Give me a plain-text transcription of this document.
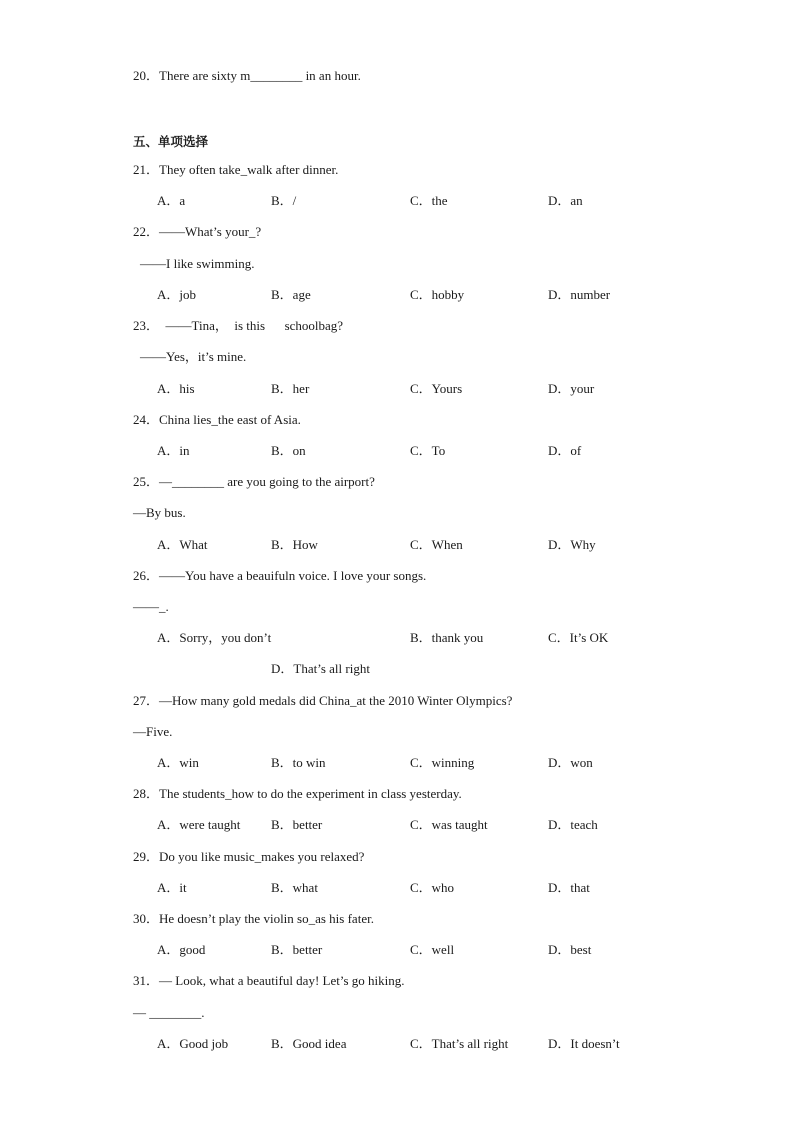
20．There are sixty m________ in an hour.
五、单项选择
21．They often take_walk after dinner.
A．a	B．/	C．the	D．an
22．——What’s your_?
——I like swimming.
A．job	B．age	C．hobby	D．number
23．  ——Tina，  is this      schoolbag?
——Yes，it’s mine.
A．his	B．her	C．Yours	D．your
24．China lies_the east of Asia.
A．in	B．on	C．To	D．of
25．—________ are you going to the airport?
—By bus.
A．What	B．How	C．When	D．Why
26．——You have a beauifuln voice. I love your songs.
——_.
A．Sorry，you don’t	B．thank you	C．It’s OK
D．That’s all right
27．—How many gold medals did China_at the 2010 Winter Olympics?
—Five.
A．win	B．to win	C．winning	D．won
28．The students_how to do the experiment in class yesterday.
A．were taught B．better	C．was taught	D．teach
29．Do you like music_makes you relaxed?
A．it	B．what	C．who	D．that
30．He doesn’t play the violin so_as his fater.
A．good	B．better	C．well	D．best
31．— Look, what a beautiful day! Let’s go hiking.
— ________.
A．Good job	B．Good idea	C．That’s all right	D．It doesn’t
